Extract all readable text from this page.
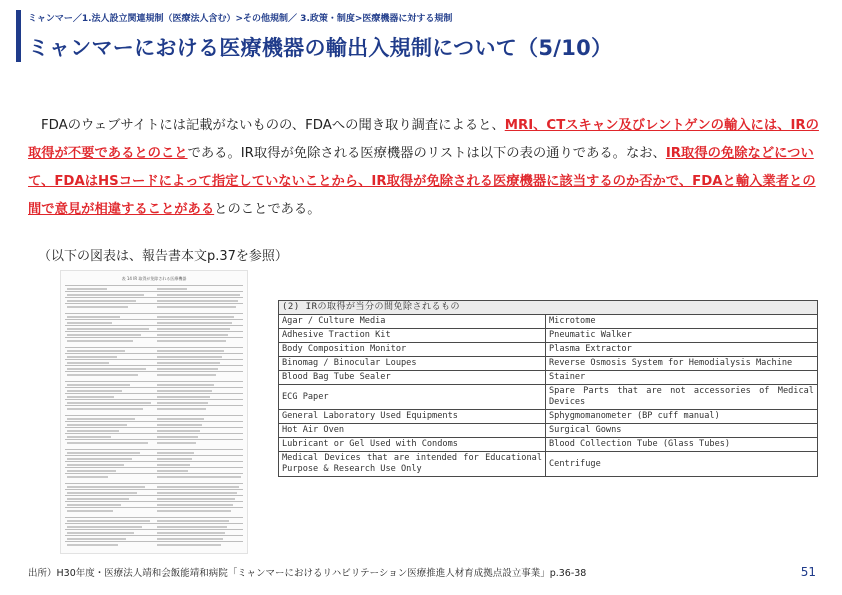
ミャンマー／1.法人設立関連規制（医療法人含む）>その他規制／ 3.政策・制度>医療機器に対する規制
ミャンマーにおける医療機器の輸出入規制について（5/10）
FDAのウェブサイトには記載がないものの、FDAへの聞き取り調査によると、MRI、CTスキャン及びレントゲンの輸入には、IRの取得が不要であるとのことである。IR取得が免除される医療機器のリストは以下の表の通りである。なお、IR取得の免除などについて、FDAはHSコードによって指定していないことから、IR取得が免除される医療機器に該当するのか否かで、FDAと輸入業者との間で意見が相違することがあるとのことである。
（以下の図表は、報告書本文p.37を参照）
表 14 IR 取得が免除される医療機器
(2) IRの取得が当分の間免除されるもの	
Agar / Culture Media	Microtome
Adhesive Traction Kit	Pneumatic Walker
Body Composition Monitor	Plasma Extractor
Binomag / Binocular Loupes	Reverse Osmosis System for Hemodialysis Machine
Blood Bag Tube Sealer	Stainer
ECG Paper	Spare Parts that are not accessories of Medical Devices
General Laboratory Used Equipments	Sphygmomanometer (BP cuff manual)
Hot Air Oven	Surgical Gowns
Lubricant or Gel Used with Condoms	Blood Collection Tube (Glass Tubes)
Medical Devices that are intended for Educational Purpose & Research Use Only	Centrifuge
出所）H30年度・医療法人靖和会飯能靖和病院「ミャンマーにおけるリハビリテーション医療推進人材育成拠点設立事業」p.36-38	51
